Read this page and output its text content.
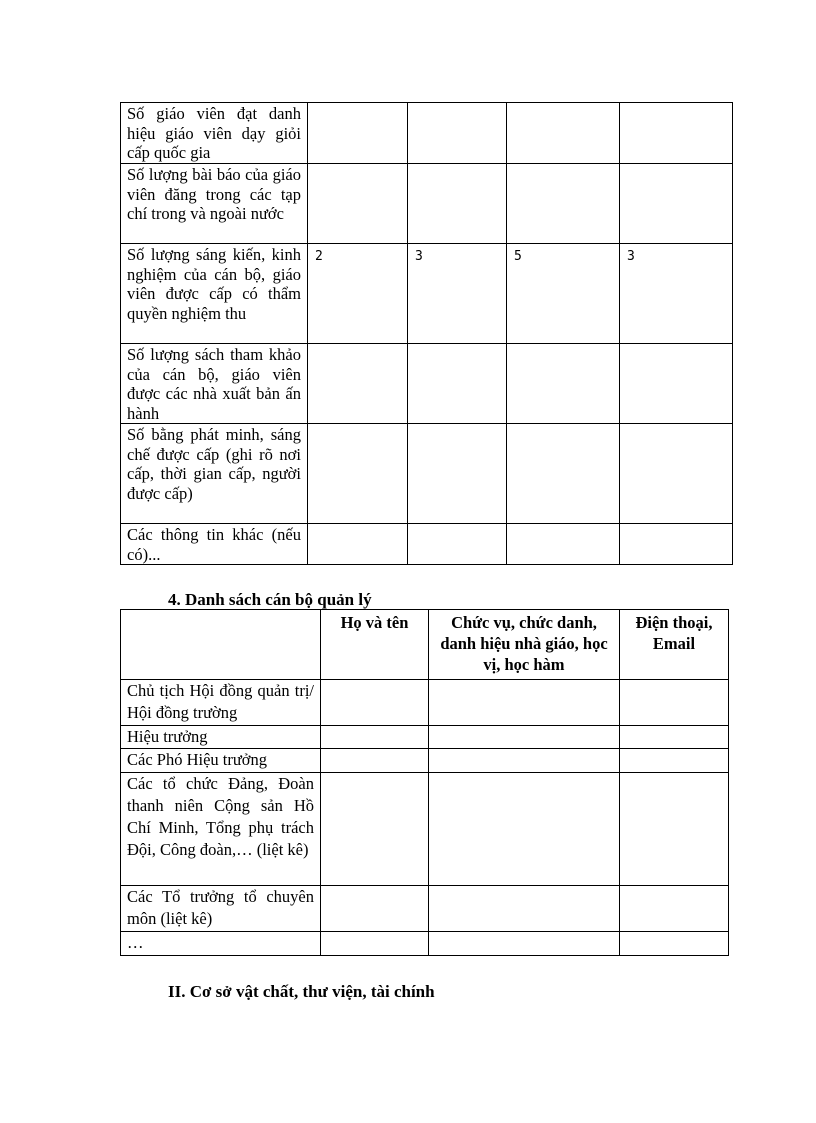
Số giáo viên đạt danh hiệu giáo viên dạy giỏi cấp quốc gia				
Số lượng bài báo của giáo viên đăng trong các tạp chí trong và ngoài nước				
Số lượng sáng kiến, kinh nghiệm của cán bộ, giáo viên được cấp có thẩm quyền nghiệm thu	2	3	5	3
Số lượng sách tham khảo của cán bộ, giáo viên được các nhà xuất bản ấn hành				
Số bằng phát minh, sáng chế được cấp (ghi rõ nơi cấp, thời gian cấp, người được cấp)				
Các thông tin khác (nếu có)...				
4. Danh sách cán bộ quản lý
	Họ và tên	Chức vụ, chức danh, danh hiệu nhà giáo, học vị, học hàm	Điện thoại, Email
Chủ tịch Hội đồng quản trị/ Hội đồng trường			
Hiệu trưởng			
Các Phó Hiệu trưởng			
Các tổ chức Đảng, Đoàn thanh niên Cộng sản Hồ Chí Minh, Tổng phụ trách Đội, Công đoàn,… (liệt kê)			
Các Tổ trưởng tổ chuyên môn (liệt kê)			
…			
II. Cơ sở vật chất, thư viện, tài chính
